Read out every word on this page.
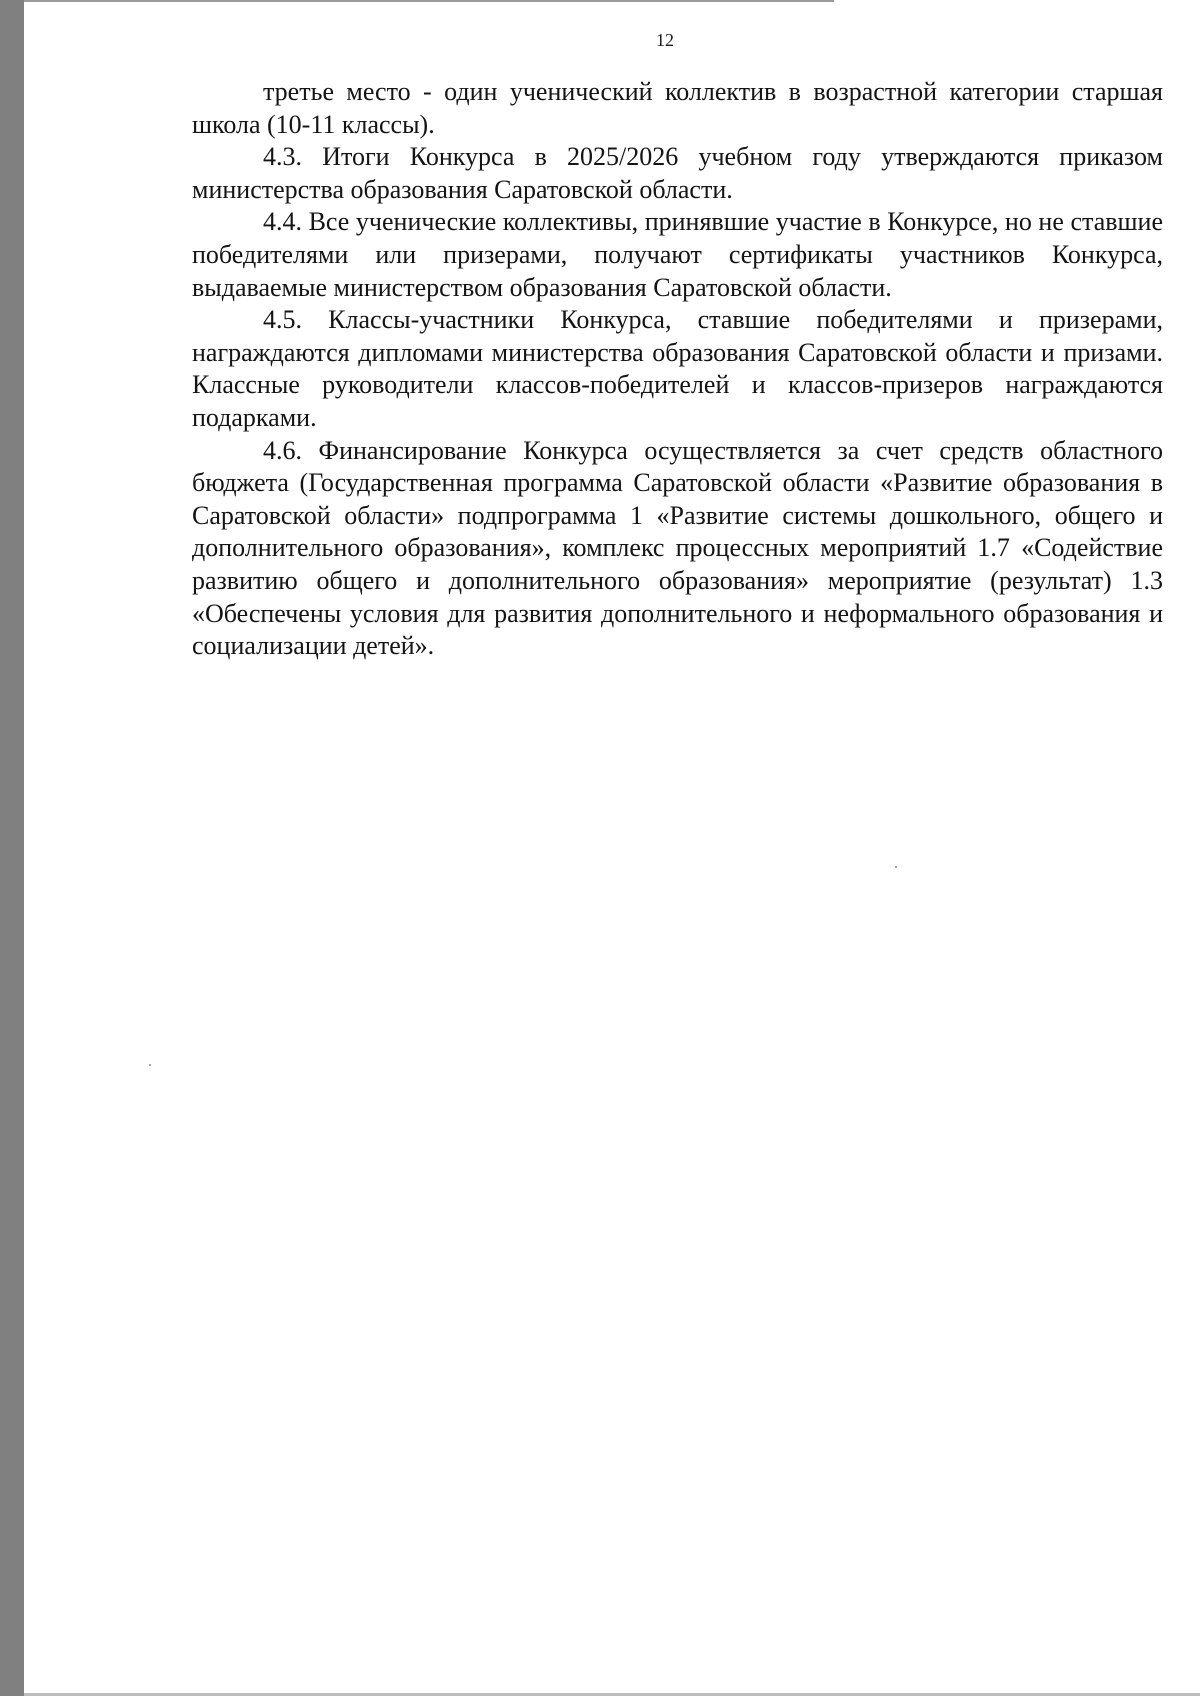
12

третье место - один ученический коллектив в возрастной категории старшая школа (10-11 классы).

4.3. Итоги Конкурса в 2025/2026 учебном году утверждаются приказом министерства образования Саратовской области.

4.4. Все ученические коллективы, принявшие участие в Конкурсе, но не ставшие победителями или призерами, получают сертификаты участников Конкурса, выдаваемые министерством образования Саратовской области.

4.5. Классы-участники Конкурса, ставшие победителями и призерами, награждаются дипломами министерства образования Саратовской области и призами. Классные руководители классов-победителей и классов-призеров награждаются подарками.

4.6. Финансирование Конкурса осуществляется за счет средств областного бюджета (Государственная программа Саратовской области «Развитие образования в Саратовской области» подпрограмма 1 «Развитие системы дошкольного, общего и дополнительного образования», комплекс процессных мероприятий 1.7 «Содействие развитию общего и дополнительного образования» мероприятие (результат) 1.3 «Обеспечены условия для развития дополнительного и неформального образования и социализации детей».
